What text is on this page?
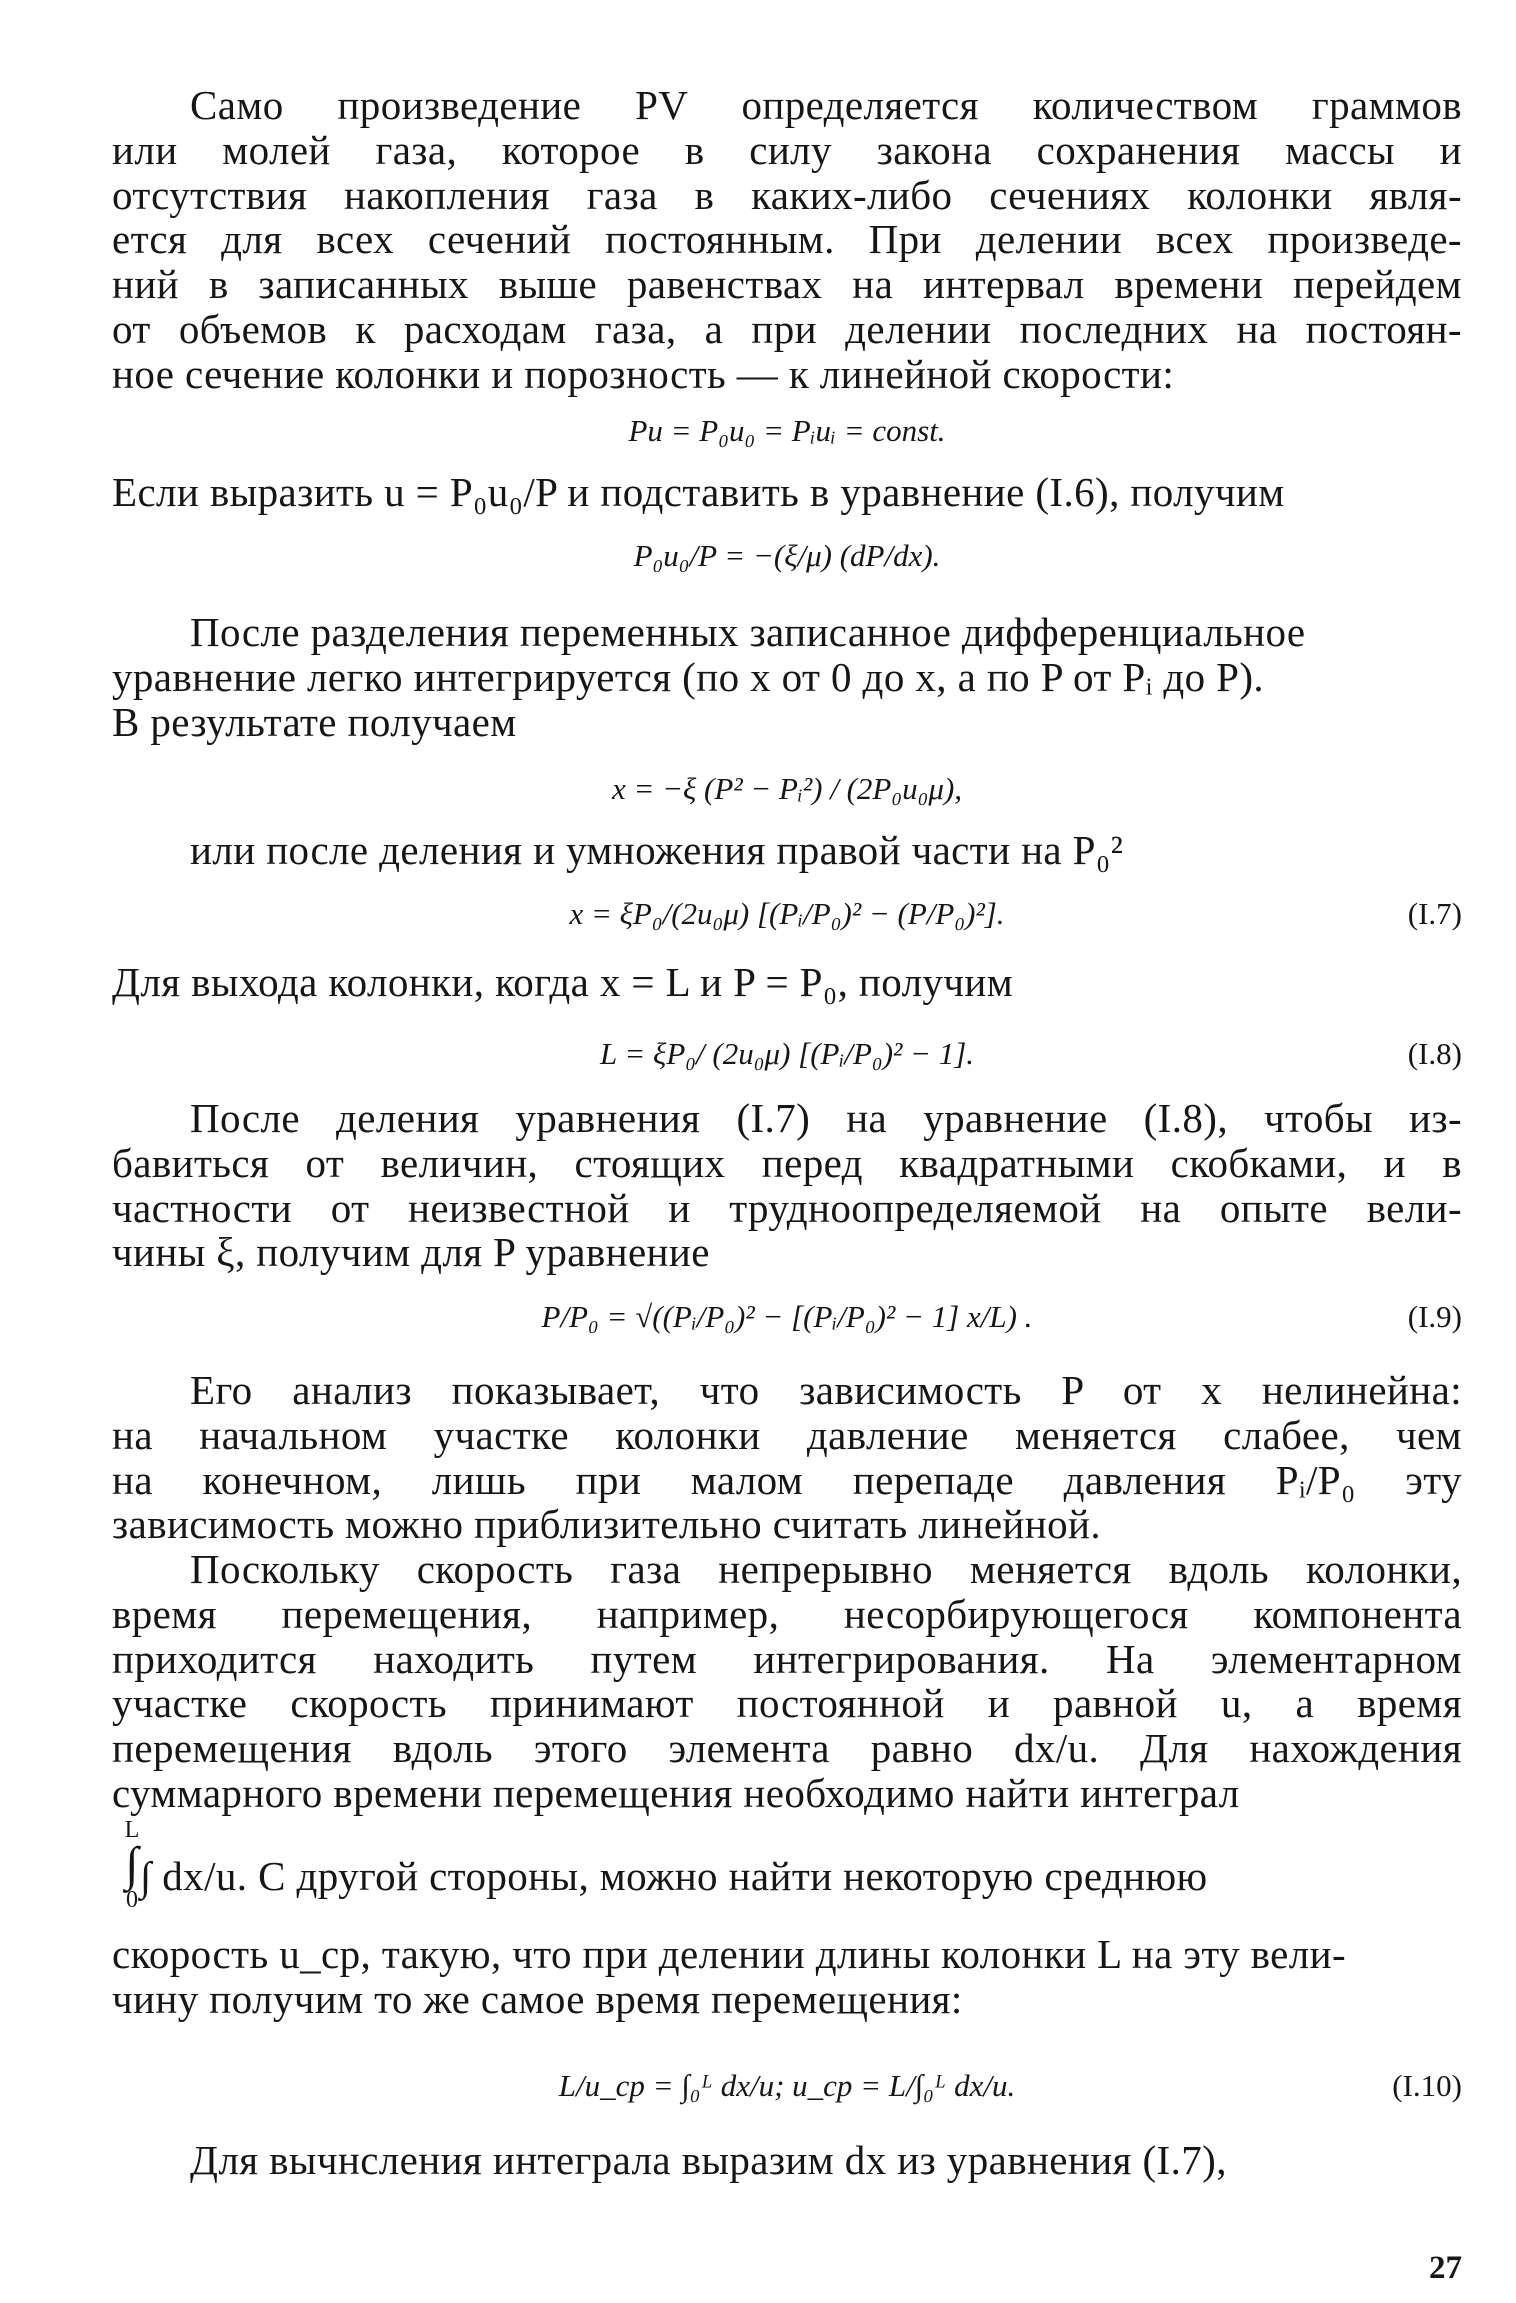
Само произведение PV определяется количеством граммов
или молей газа, которое в силу закона сохранения массы и
отсутствия накопления газа в каких-либо сечениях колонки явля-
ется для всех сечений постоянным. При делении всех произведе-
ний в записанных выше равенствах на интервал времени перейдем
от объемов к расходам газа, а при делении последних на постоян-
ное сечение колонки и порозность — к линейной скорости:
Pu = P₀u₀ = Pᵢuᵢ = const.
Если выразить u = P₀u₀/P и подставить в уравнение (I.6), получим
P₀u₀/P = −(ξ/μ) (dP/dx).
После разделения переменных записанное дифференциальное
уравнение легко интегрируется (по x от 0 до x, а по P от Pᵢ до P).
В результате получаем
x = −ξ (P² − Pᵢ²) / (2P₀u₀μ),
или после деления и умножения правой части на P₀²
x = ξP₀/(2u₀μ) [(Pᵢ/P₀)² − (P/P₀)²].	(I.7)
Для выхода колонки, когда x = L и P = P₀, получим
L = ξP₀/ (2u₀μ) [(Pᵢ/P₀)² − 1].	(I.8)
После деления уравнения (I.7) на уравнение (I.8), чтобы из-
бавиться от величин, стоящих перед квадратными скобками, и в
частности от неизвестной и трудноопределяемой на опыте вели-
чины ξ, получим для P уравнение
P/P₀ = √((Pᵢ/P₀)² − [(Pᵢ/P₀)² − 1] x/L) .	(I.9)
Его анализ показывает, что зависимость P от x нелинейна:
на начальном участке колонки давление меняется слабее, чем
на конечном, лишь при малом перепаде давления Pᵢ/P₀ эту
зависимость можно приблизительно считать линейной.
Поскольку скорость газа непрерывно меняется вдоль колонки,
время перемещения, например, несорбирующегося компонента
приходится находить путем интегрирования. На элементарном
участке скорость принимают постоянной и равной u, а время
перемещения вдоль этого элемента равно dx/u. Для нахождения
суммарного времени перемещения необходимо найти интеграл
L
∫
0
∫ dx/u. С другой стороны, можно найти некоторую среднюю
скорость u_ср, такую, что при делении длины колонки L на эту вели-
чину получим то же самое время перемещения:
L/u_ср = ∫₀ᴸ dx/u; u_ср = L/∫₀ᴸ dx/u.	(I.10)
Для вычнсления интеграла выразим dx из уравнения (I.7),
27
